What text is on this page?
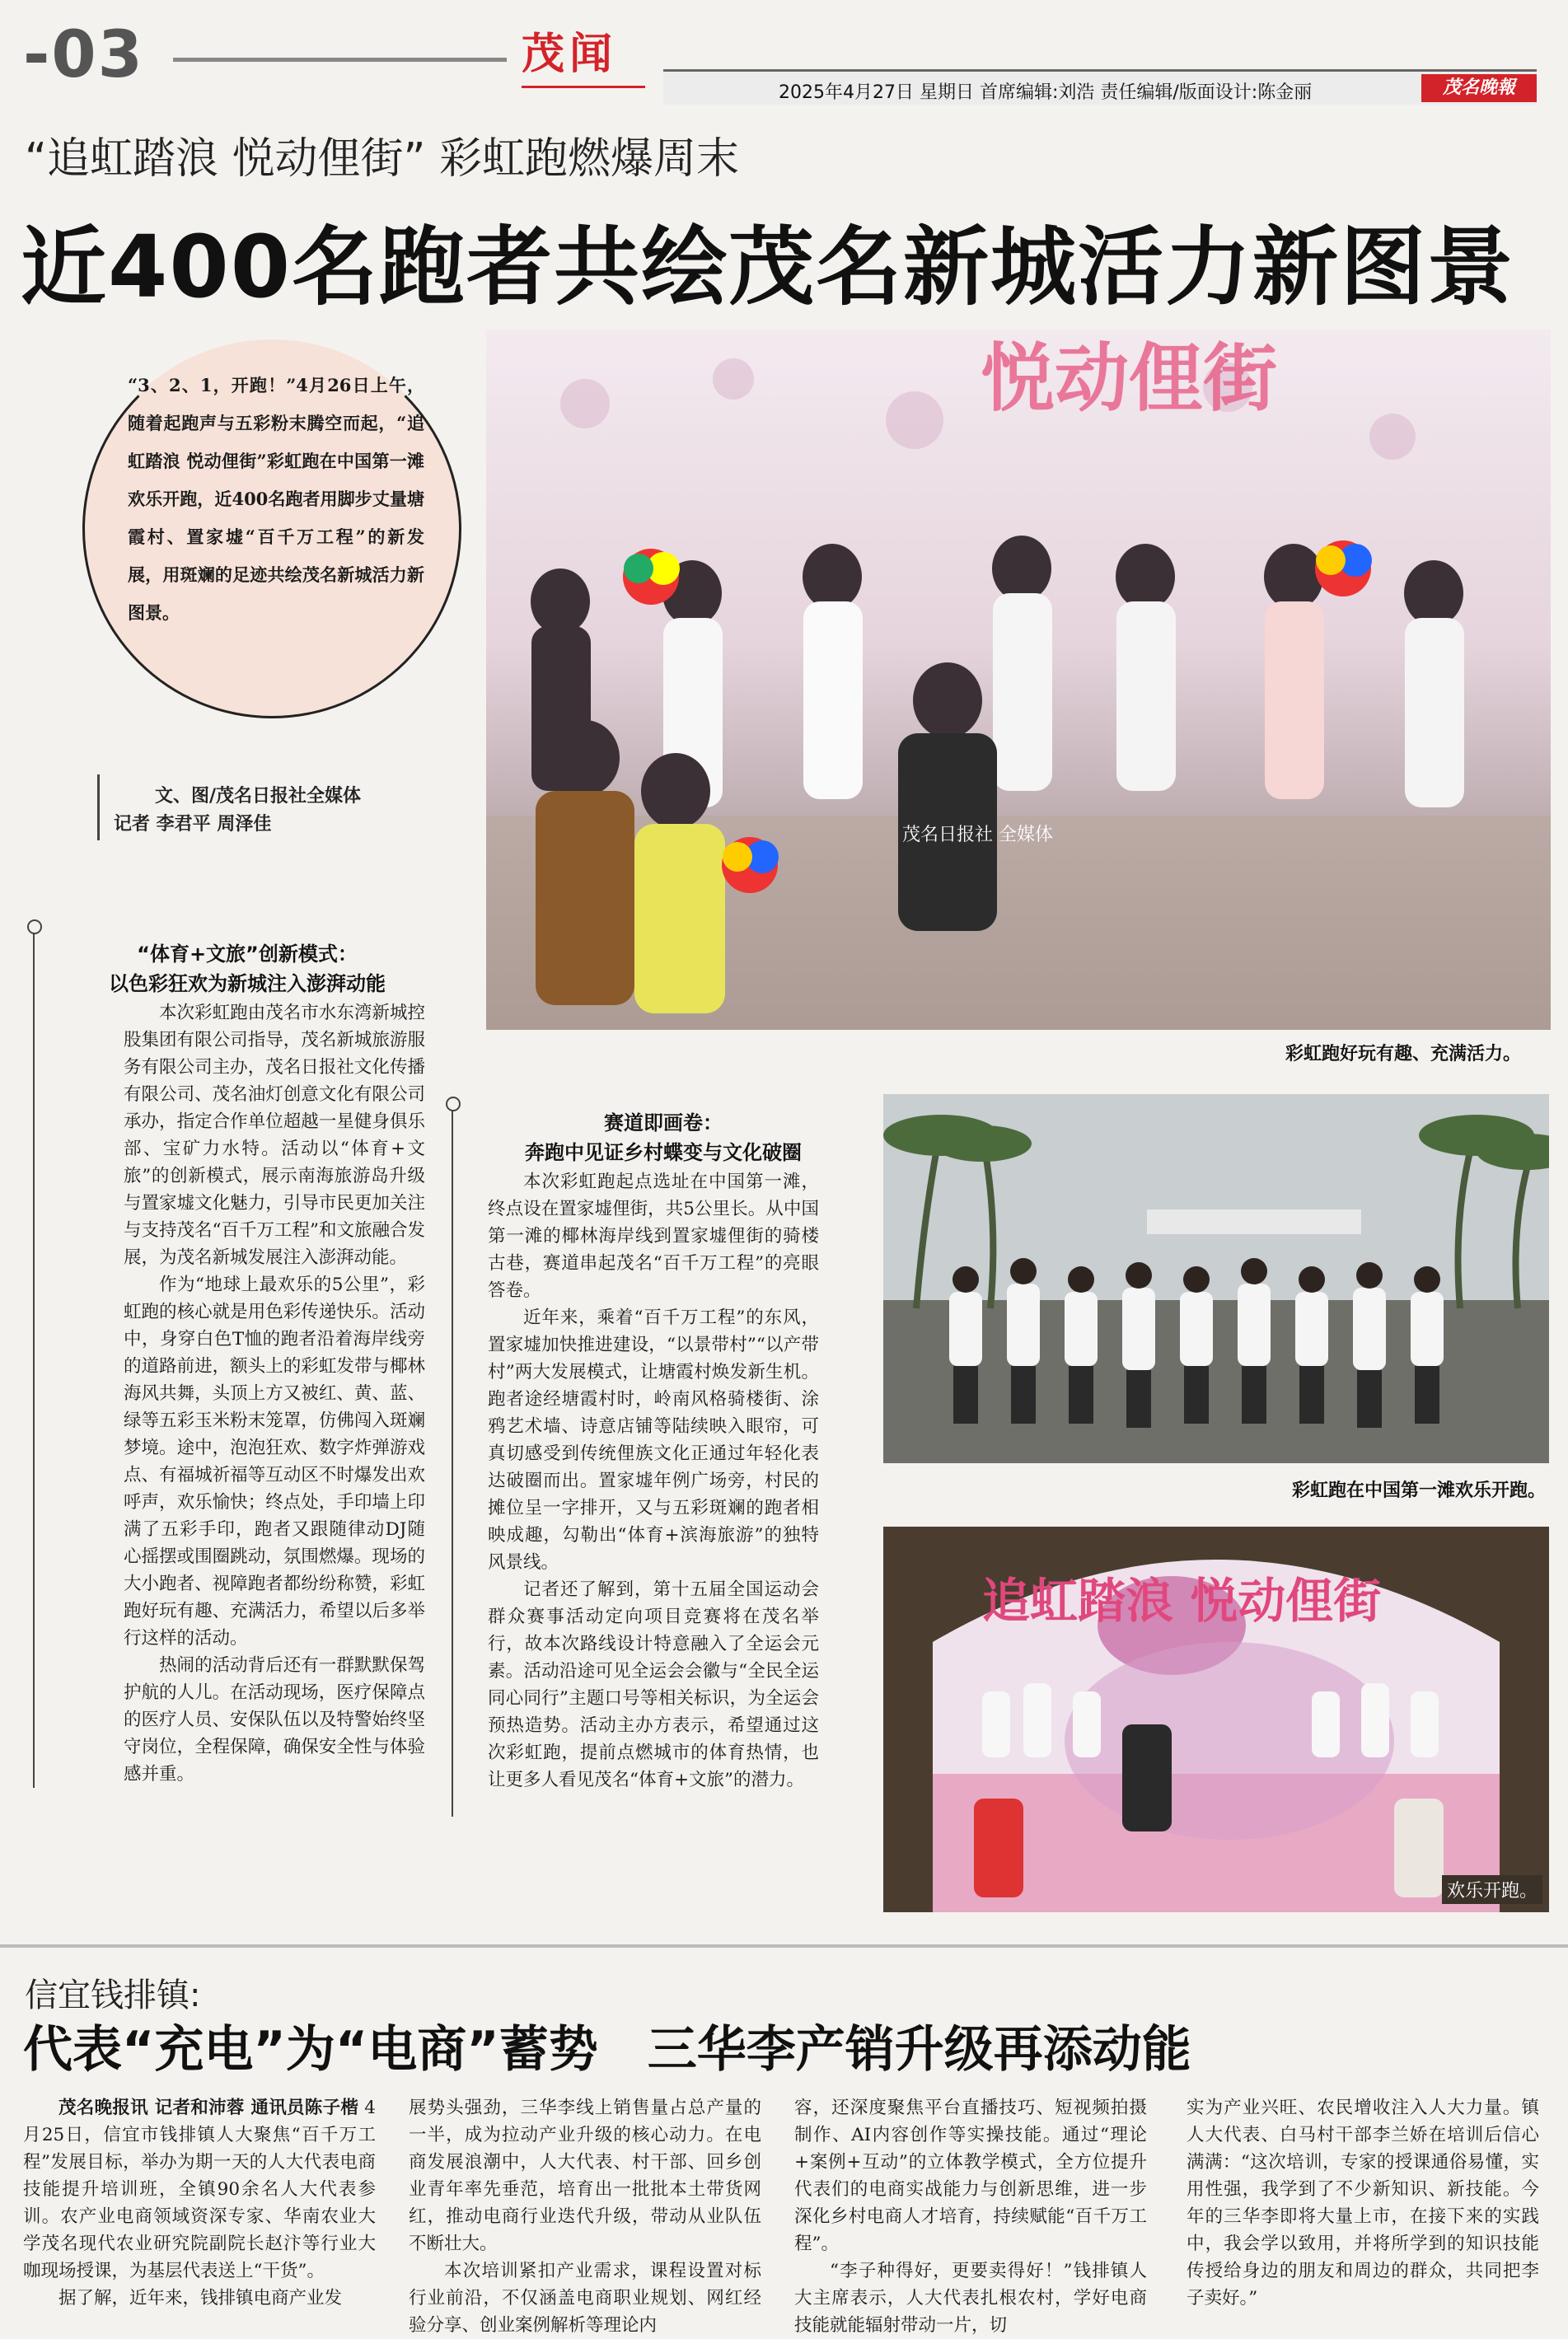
-03	茂闻
2025年4月27日 星期日 首席编辑:刘浩 责任编辑/版面设计:陈金丽	茂名晚報
“追虹踏浪 悦动俚街” 彩虹跑燃爆周末
近400名跑者共绘茂名新城活力新图景
“3、2、1，开跑！”4月26日上午，随着起跑声与五彩粉末腾空而起，“追虹踏浪 悦动俚街”彩虹跑在中国第一滩欢乐开跑，近400名跑者用脚步丈量塘霞村、置家墟“百千万工程”的新发展，用斑斓的足迹共绘茂名新城活力新图景。
文、图/茂名日报社全媒体
记者 李君平 周泽佳
悦动俚街
茂名日报社 全媒体
彩虹跑好玩有趣、充满活力。
“体育+文旅”创新模式：
以色彩狂欢为新城注入澎湃动能

本次彩虹跑由茂名市水东湾新城控股集团有限公司指导，茂名新城旅游服务有限公司主办，茂名日报社文化传播有限公司、茂名油灯创意文化有限公司承办，指定合作单位超越一星健身俱乐部、宝矿力水特。活动以“体育+文旅”的创新模式，展示南海旅游岛升级与置家墟文化魅力，引导市民更加关注与支持茂名“百千万工程”和文旅融合发展，为茂名新城发展注入澎湃动能。

作为“地球上最欢乐的5公里”，彩虹跑的核心就是用色彩传递快乐。活动中，身穿白色T恤的跑者沿着海岸线旁的道路前进，额头上的彩虹发带与椰林海风共舞，头顶上方又被红、黄、蓝、绿等五彩玉米粉末笼罩，仿佛闯入斑斓梦境。途中，泡泡狂欢、数字炸弹游戏点、有福城祈福等互动区不时爆发出欢呼声，欢乐愉快；终点处，手印墙上印满了五彩手印，跑者又跟随律动DJ随心摇摆或围圈跳动，氛围燃爆。现场的大小跑者、视障跑者都纷纷称赞，彩虹跑好玩有趣、充满活力，希望以后多举行这样的活动。

热闹的活动背后还有一群默默保驾护航的人儿。在活动现场，医疗保障点的医疗人员、安保队伍以及特警始终坚守岗位，全程保障，确保安全性与体验感并重。

赛道即画卷：
奔跑中见证乡村蝶变与文化破圈

本次彩虹跑起点选址在中国第一滩，终点设在置家墟俚街，共5公里长。从中国第一滩的椰林海岸线到置家墟俚街的骑楼古巷，赛道串起茂名“百千万工程”的亮眼答卷。

近年来，乘着“百千万工程”的东风，置家墟加快推进建设，“以景带村”“以产带村”两大发展模式，让塘霞村焕发新生机。跑者途经塘霞村时，岭南风格骑楼街、涂鸦艺术墙、诗意店铺等陆续映入眼帘，可真切感受到传统俚族文化正通过年轻化表达破圈而出。置家墟年例广场旁，村民的摊位呈一字排开，又与五彩斑斓的跑者相映成趣，勾勒出“体育+滨海旅游”的独特风景线。

记者还了解到，第十五届全国运动会群众赛事活动定向项目竞赛将在茂名举行，故本次路线设计特意融入了全运会元素。活动沿途可见全运会会徽与“全民全运 同心同行”主题口号等相关标识，为全运会预热造势。活动主办方表示，希望通过这次彩虹跑，提前点燃城市的体育热情，也让更多人看见茂名“体育+文旅”的潜力。

彩虹跑在中国第一滩欢乐开跑。
追虹踏浪 悦动俚街
欢乐开跑。
信宜钱排镇:
代表“充电”为“电商”蓄势　三华李产销升级再添动能

茂名晚报讯 记者和沛蓉 通讯员陈子楷 4月25日，信宜市钱排镇人大聚焦“百千万工程”发展目标，举办为期一天的人大代表电商技能提升培训班，全镇90余名人大代表参训。农产业电商领域资深专家、华南农业大学茂名现代农业研究院副院长赵汴等行业大咖现场授课，为基层代表送上“干货”。

据了解，近年来，钱排镇电商产业发

展势头强劲，三华李线上销售量占总产量的一半，成为拉动产业升级的核心动力。在电商发展浪潮中，人大代表、村干部、回乡创业青年率先垂范，培育出一批批本土带货网红，推动电商行业迭代升级，带动从业队伍不断壮大。

本次培训紧扣产业需求，课程设置对标行业前沿，不仅涵盖电商职业规划、网红经验分享、创业案例解析等理论内

容，还深度聚焦平台直播技巧、短视频拍摄制作、AI内容创作等实操技能。通过“理论+案例+互动”的立体教学模式，全方位提升代表们的电商实战能力与创新思维，进一步深化乡村电商人才培育，持续赋能“百千万工程”。

“李子种得好，更要卖得好！”钱排镇人大主席表示，人大代表扎根农村，学好电商技能就能辐射带动一片，切

实为产业兴旺、农民增收注入人大力量。镇人大代表、白马村干部李兰娇在培训后信心满满：“这次培训，专家的授课通俗易懂，实用性强，我学到了不少新知识、新技能。今年的三华李即将大量上市，在接下来的实践中，我会学以致用，并将所学到的知识技能传授给身边的朋友和周边的群众，共同把李子卖好。”
